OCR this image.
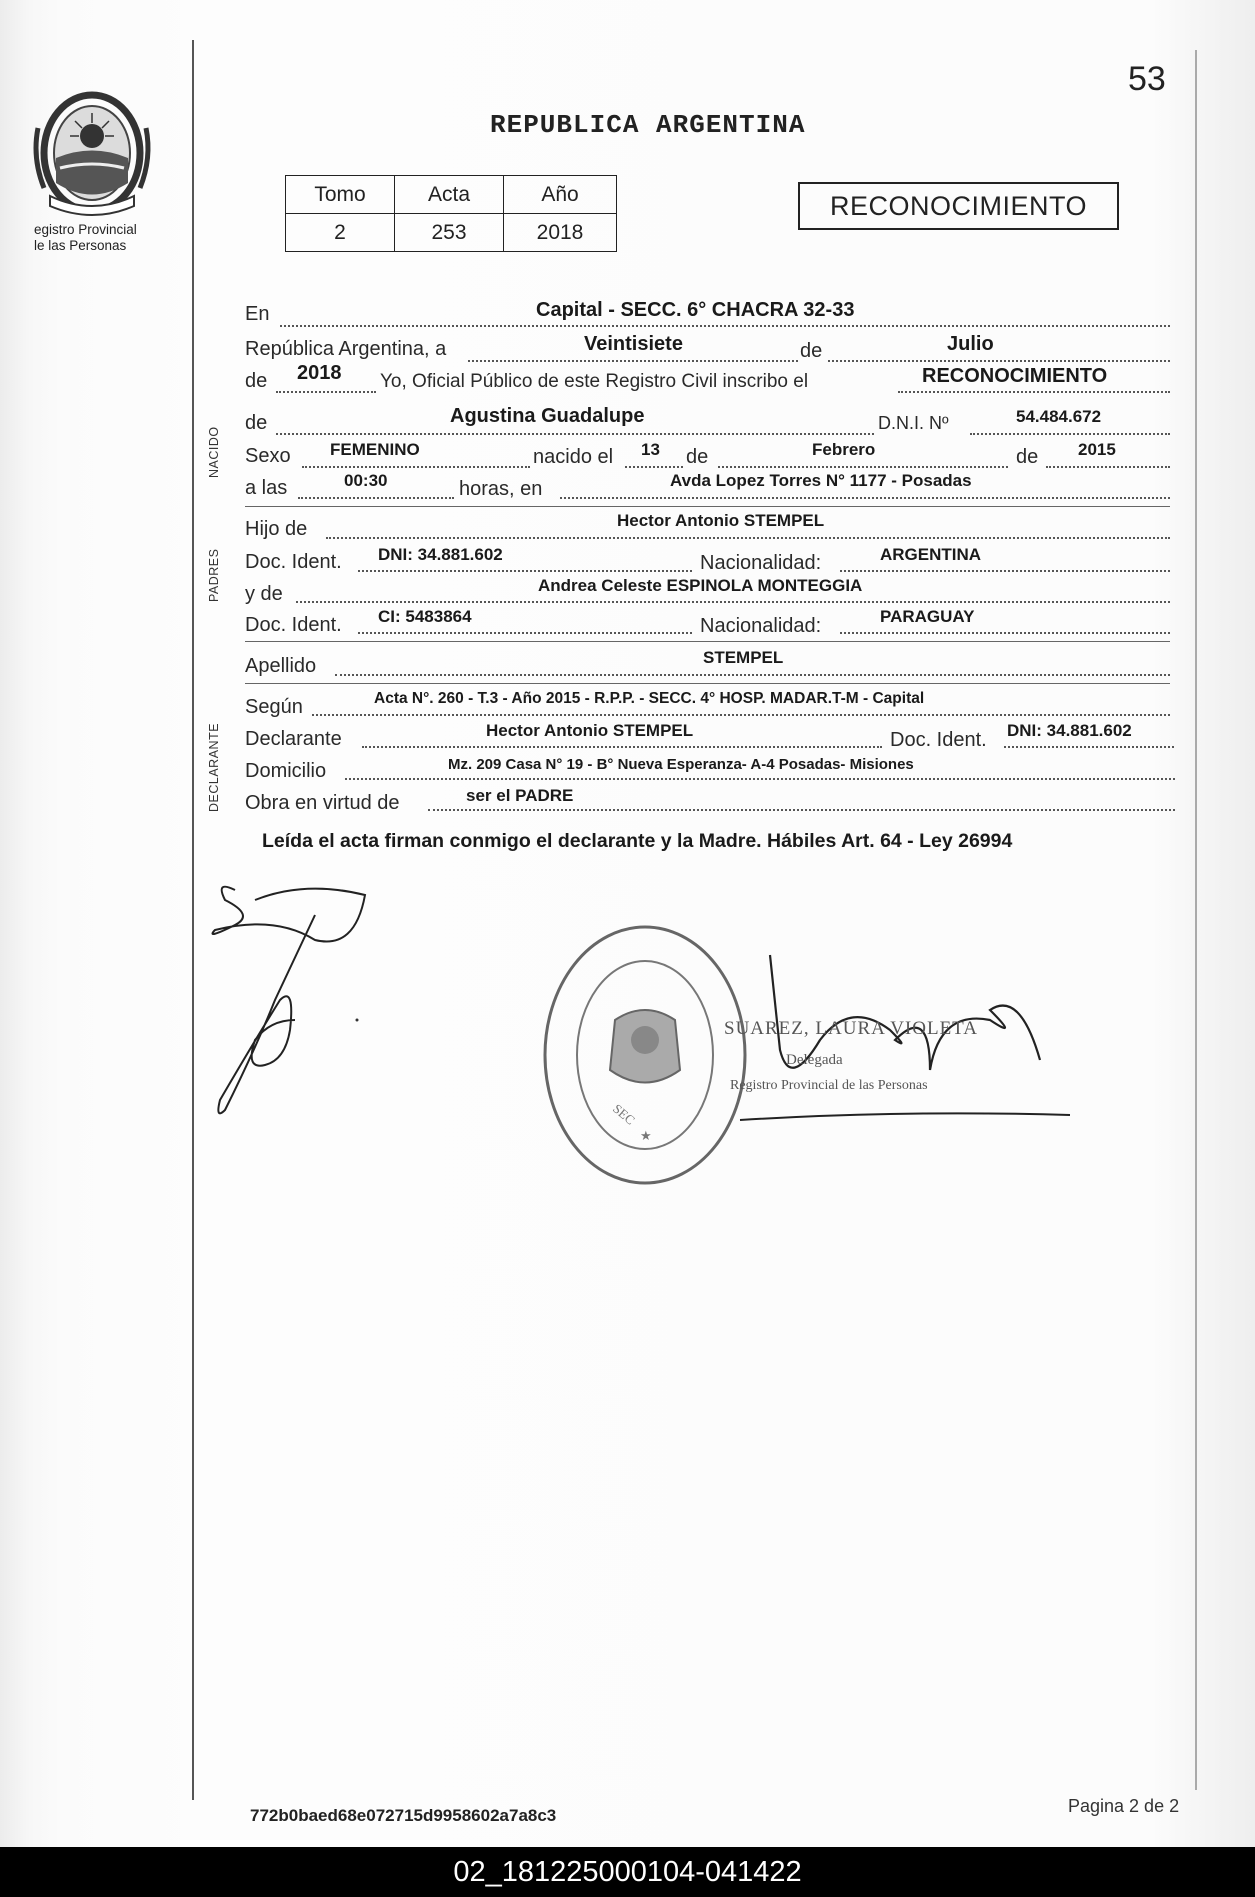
egistro Provincial
le las Personas
53
REPUBLICA ARGENTINA
Tomo	Acta	Año
2	253	2018
RECONOCIMIENTO
NACIDO
PADRES
DECLARANTE
En	Capital - SECC. 6° CHACRA 32-33
República Argentina, a	Veintisiete	de	Julio
de 2018 Yo, Oficial Público de este Registro Civil inscribo el	RECONOCIMIENTO
de	Agustina Guadalupe	D.N.I. Nº	54.484.672
Sexo FEMENINO	nacido el 13 de	Febrero	de 2015
a las	00:30	horas, en	Avda Lopez Torres N° 1177 - Posadas
Hijo de	Hector Antonio STEMPEL
Doc. Ident. DNI: 34.881.602	Nacionalidad:	ARGENTINA
y de	Andrea Celeste ESPINOLA MONTEGGIA
Doc. Ident. CI: 5483864	Nacionalidad:	PARAGUAY
Apellido	STEMPEL
Según	Acta N°. 260 - T.3 - Año 2015 - R.P.P. - SECC. 4° HOSP. MADAR.T-M - Capital
Declarante	Hector Antonio STEMPEL	Doc. Ident. DNI: 34.881.602
Domicilio	Mz. 209 Casa N° 19 - B° Nueva Esperanza- A-4 Posadas- Misiones
Obra en virtud de	ser el PADRE
Leída el acta firman conmigo el declarante y la Madre. Hábiles Art. 64 - Ley 26994
SEC
★
SUAREZ, LAURA VIOLETA
Delegada
Registro Provincial de las Personas
772b0baed68e072715d9958602a7a8c3	Pagina 2 de 2
02_181225000104-041422
